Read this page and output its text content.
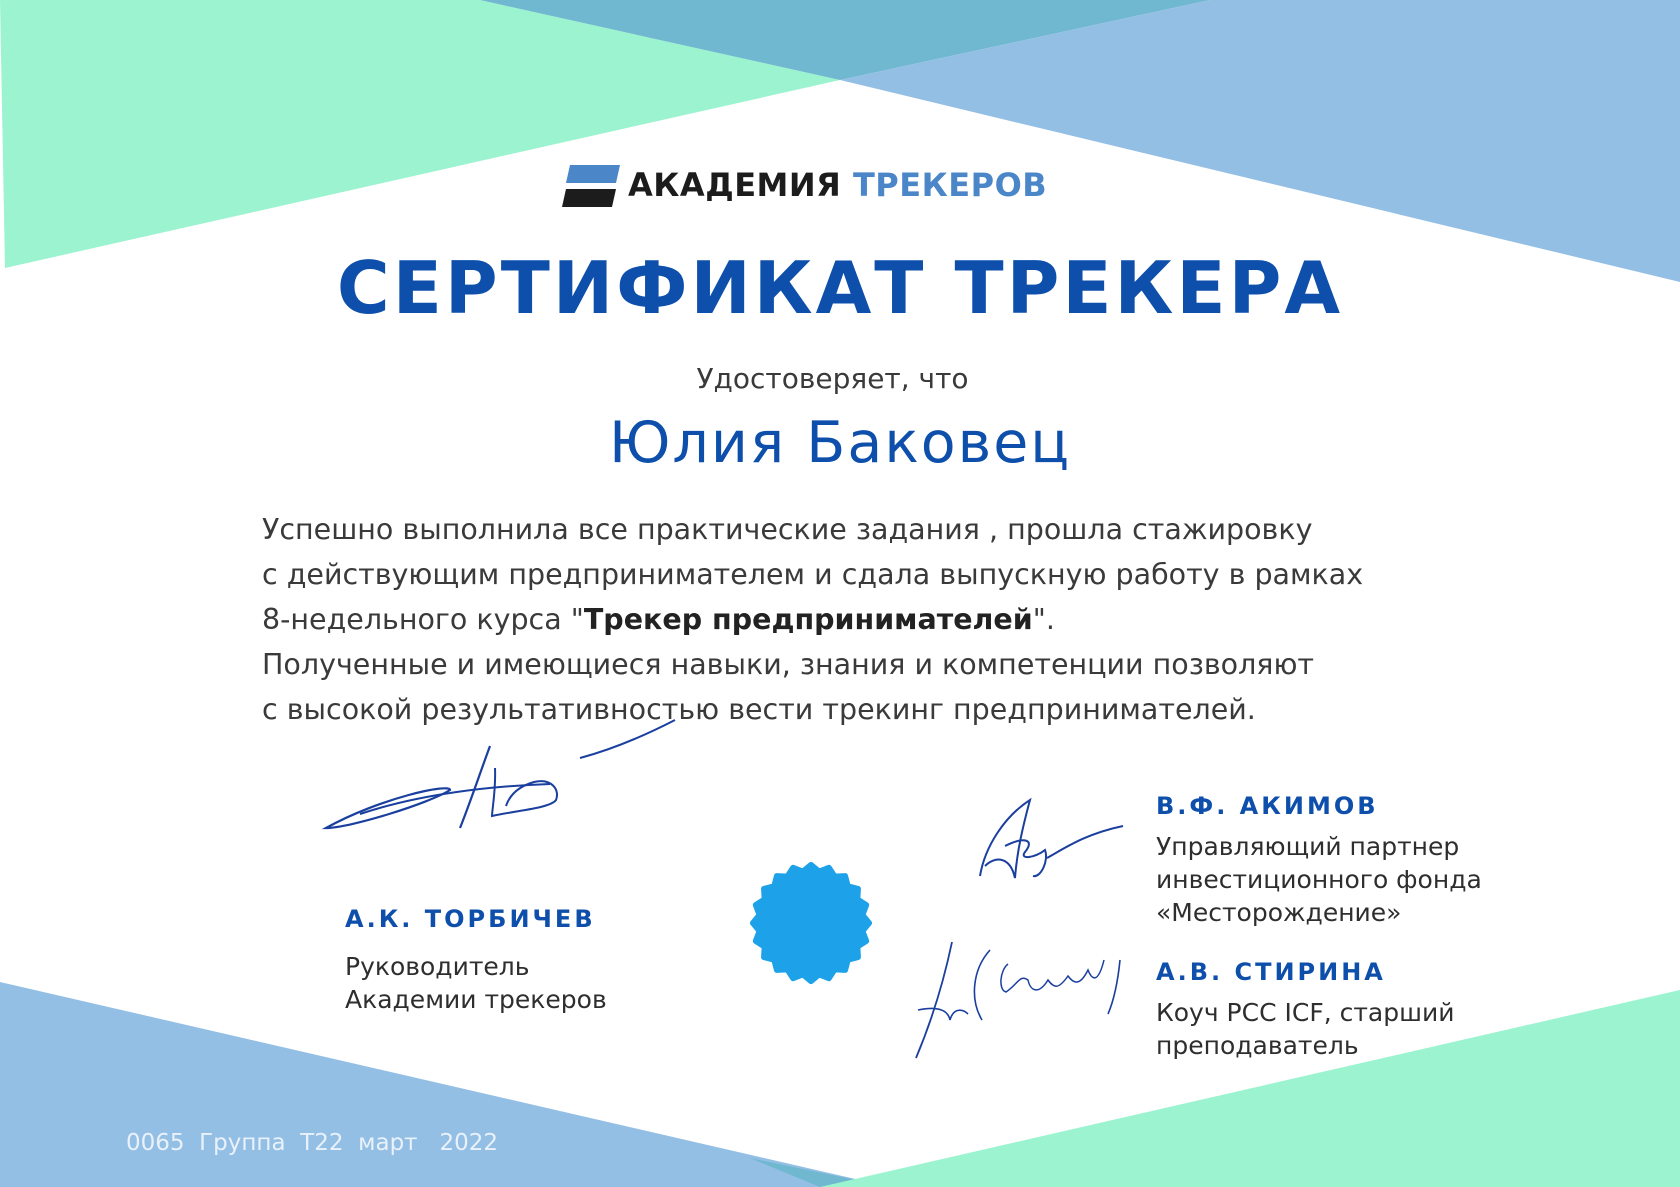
АКАДЕМИЯ ТРЕКЕРОВ
СЕРТИФИКАТ ТРЕКЕРА
Удостоверяет, что
Юлия Баковец
Успешно выполнила все практические задания , прошла стажировку
с действующим предпринимателем и сдала выпускную работу в рамках
8-недельного курса "Трекер предпринимателей".
Полученные и имеющиеся навыки, знания и компетенции позволяют
с высокой результативностью вести трекинг предпринимателей.
А.К. ТОРБИЧЕВ
Руководитель
Академии трекеров
В.Ф. АКИМОВ
Управляющий партнер
инвестиционного фонда
«Месторождение»
А.В. СТИРИНА
Коуч PCC ICF, старший
преподаватель
0065  Группа  Т22  март   2022
